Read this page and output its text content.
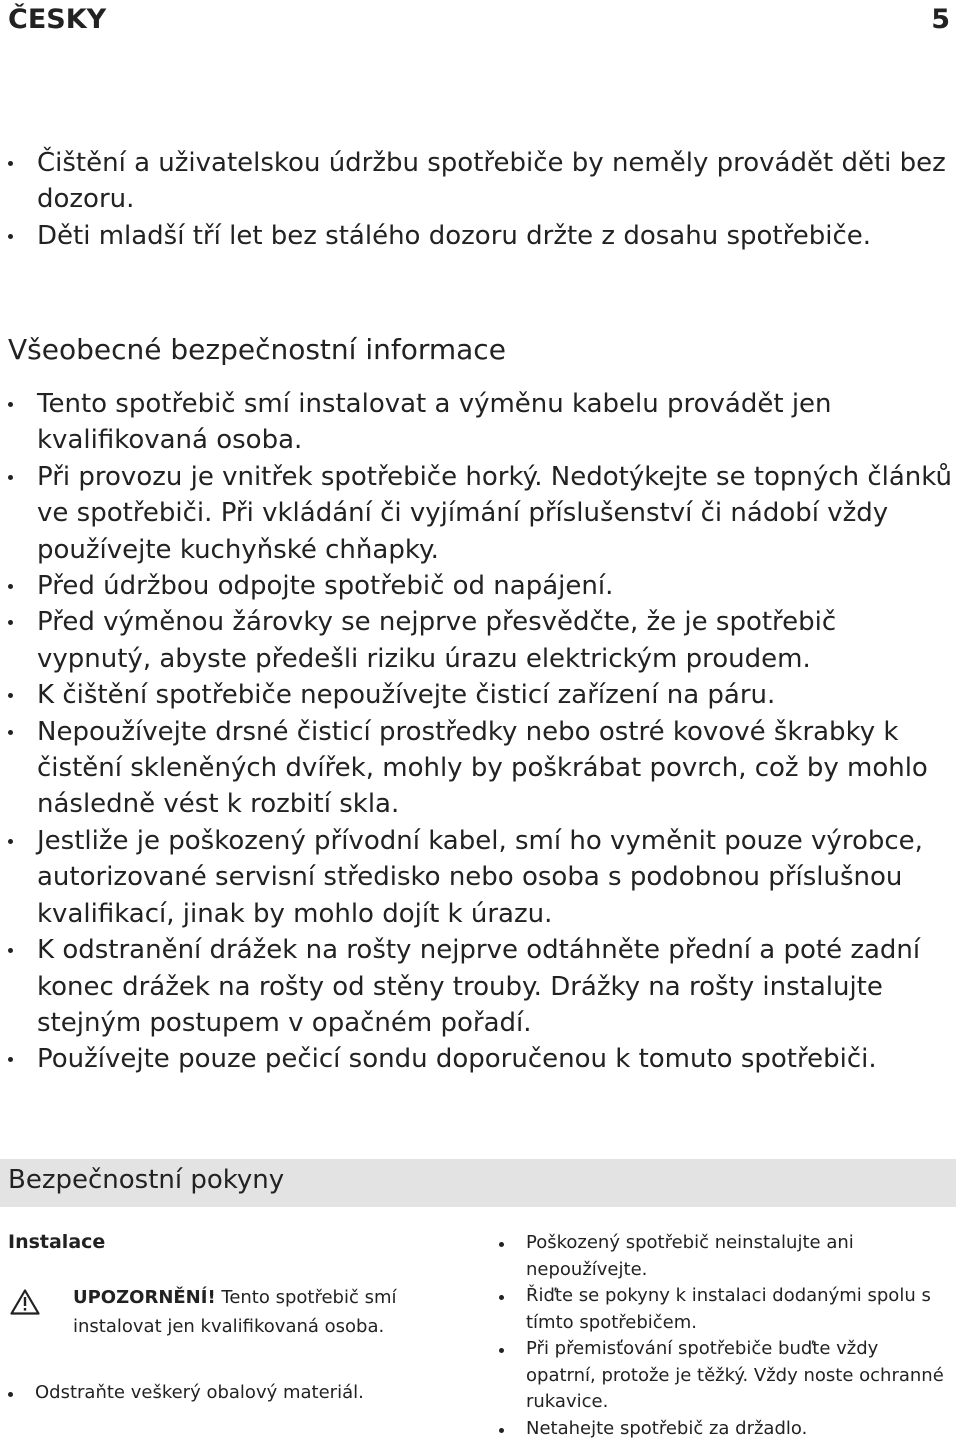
ČESKY	5
Čištění a uživatelskou údržbu spotřebiče by neměly provádět děti bez dozoru.
Děti mladší tří let bez stálého dozoru držte z dosahu spotřebiče.
Všeobecné bezpečnostní informace
Tento spotřebič smí instalovat a výměnu kabelu provádět jen kvalifikovaná osoba.
Při provozu je vnitřek spotřebiče horký. Nedotýkejte se topných článků ve spotřebiči. Při vkládání či vyjímání příslušenství či nádobí vždy používejte kuchyňské chňapky.
Před údržbou odpojte spotřebič od napájení.
Před výměnou žárovky se nejprve přesvědčte, že je spotřebič vypnutý, abyste předešli riziku úrazu elektrickým proudem.
K čištění spotřebiče nepoužívejte čisticí zařízení na páru.
Nepoužívejte drsné čisticí prostředky nebo ostré kovové škrabky k čistění skleněných dvířek, mohly by poškrábat povrch, což by mohlo následně vést k rozbití skla.
Jestliže je poškozený přívodní kabel, smí ho vyměnit pouze výrobce, autorizované servisní středisko nebo osoba s podobnou příslušnou kvalifikací, jinak by mohlo dojít k úrazu.
K odstranění drážek na rošty nejprve odtáhněte přední a poté zadní konec drážek na rošty od stěny trouby. Drážky na rošty instalujte stejným postupem v opačném pořadí.
Používejte pouze pečicí sondu doporučenou k tomuto spotřebiči.
Bezpečnostní pokyny
Instalace
UPOZORNĚNÍ! Tento spotřebič smí instalovat jen kvalifikovaná osoba.
Odstraňte veškerý obalový materiál.
Poškozený spotřebič neinstalujte ani nepoužívejte.
Řiďte se pokyny k instalaci dodanými spolu s tímto spotřebičem.
Při přemisťování spotřebiče buďte vždy opatrní, protože je těžký. Vždy noste ochranné rukavice.
Netahejte spotřebič za držadlo.
